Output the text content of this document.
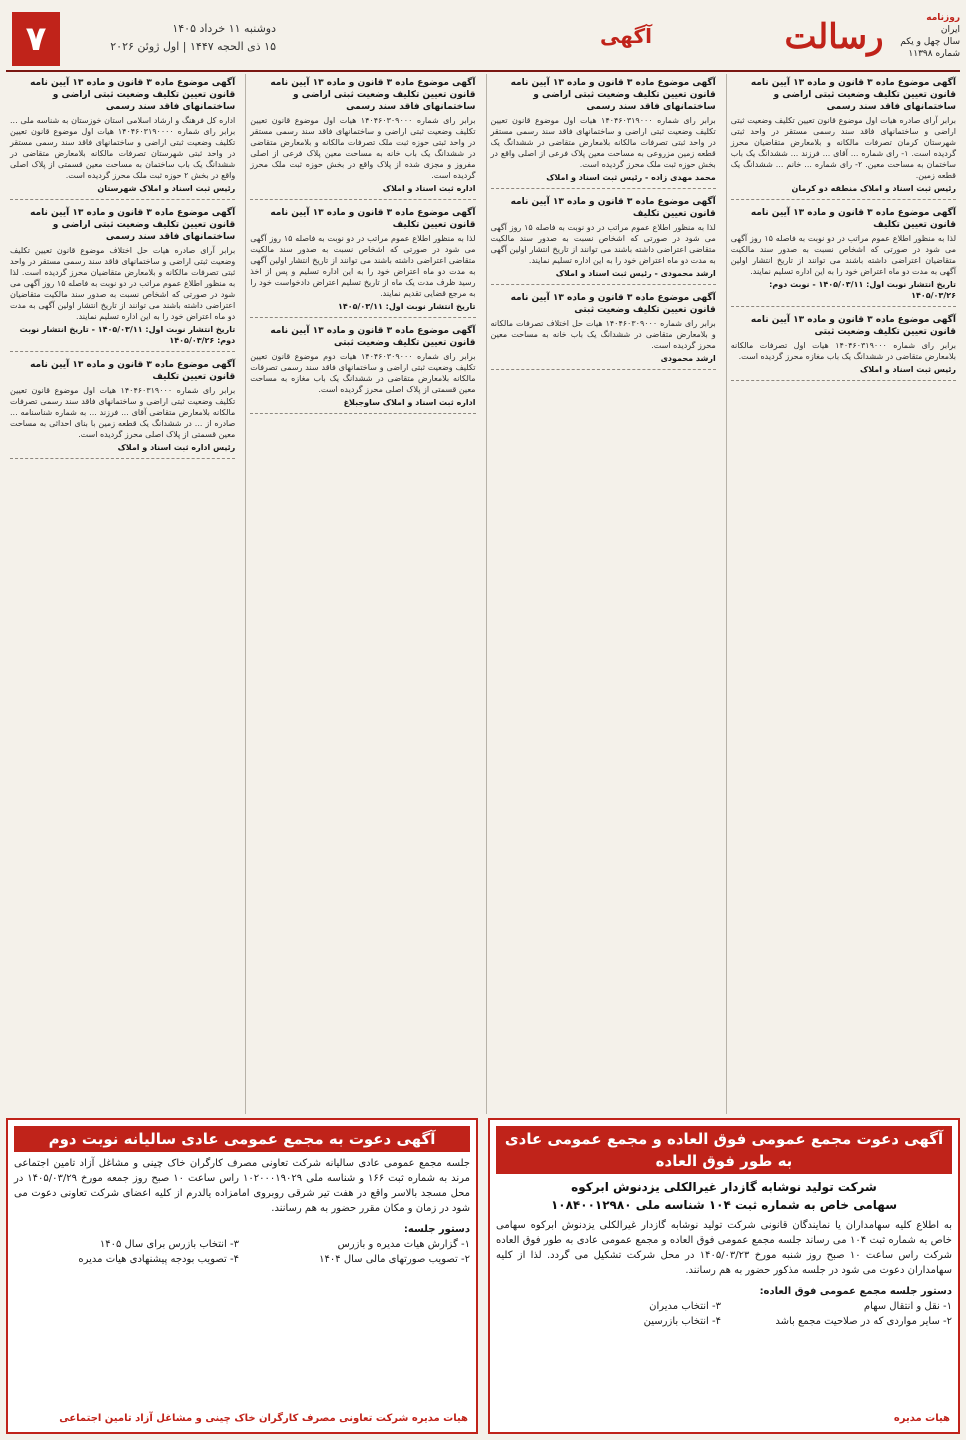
روزنامه
ایران
سال چهل و یکم
شماره ۱۱۳۹۸
رسالت
آگهی
دوشنبه ۱۱ خرداد ۱۴۰۵
۱۵ ذی الحجه ۱۴۴۷ | اول ژوئن ۲۰۲۶
۷
آگهی موضوع ماده ۳ قانون و ماده ۱۳ آیین نامه قانون تعیین تکلیف وضعیت ثبتی اراضی و ساختمانهای فاقد سند رسمی
برابر آرای صادره هیات اول موضوع قانون تعیین تکلیف وضعیت ثبتی اراضی و ساختمانهای فاقد سند رسمی مستقر در واحد ثبتی شهرستان کرمان تصرفات مالکانه و بلامعارض متقاضیان محرز گردیده است. ۱- رای شماره ... آقای ... فرزند ... ششدانگ یک باب ساختمان به مساحت معین. ۲- رای شماره ... خانم ... ششدانگ یک قطعه زمین.
رئیس ثبت اسناد و املاک منطقه دو کرمان
آگهی موضوع ماده ۳ قانون و ماده ۱۳ آیین نامه قانون تعیین تکلیف
لذا به منظور اطلاع عموم مراتب در دو نوبت به فاصله ۱۵ روز آگهی می شود در صورتی که اشخاص نسبت به صدور سند مالکیت متقاضیان اعتراضی داشته باشند می توانند از تاریخ انتشار اولین آگهی به مدت دو ماه اعتراض خود را به این اداره تسلیم نمایند.
تاریخ انتشار نوبت اول: ۱۴۰۵/۰۳/۱۱ - نوبت دوم: ۱۴۰۵/۰۳/۲۶
آگهی موضوع ماده ۳ قانون و ماده ۱۳ آیین نامه قانون تعیین تکلیف وضعیت ثبتی
برابر رای شماره ۱۴۰۴۶۰۳۱۹۰۰۰ هیات اول تصرفات مالکانه بلامعارض متقاضی در ششدانگ یک باب مغازه محرز گردیده است.
رئیس ثبت اسناد و املاک
آگهی موضوع ماده ۳ قانون و ماده ۱۳ آیین نامه قانون تعیین تکلیف وضعیت ثبتی اراضی و ساختمانهای فاقد سند رسمی
برابر رای شماره ۱۴۰۴۶۰۳۱۹۰۰۰ هیات اول موضوع قانون تعیین تکلیف وضعیت ثبتی اراضی و ساختمانهای فاقد سند رسمی مستقر در واحد ثبتی تصرفات مالکانه بلامعارض متقاضی در ششدانگ یک قطعه زمین مزروعی به مساحت معین پلاک فرعی از اصلی واقع در بخش حوزه ثبت ملک محرز گردیده است.
محمد مهدی زاده - رئیس ثبت اسناد و املاک
آگهی موضوع ماده ۳ قانون و ماده ۱۳ آیین نامه قانون تعیین تکلیف
لذا به منظور اطلاع عموم مراتب در دو نوبت به فاصله ۱۵ روز آگهی می شود در صورتی که اشخاص نسبت به صدور سند مالکیت متقاضی اعتراضی داشته باشند می توانند از تاریخ انتشار اولین آگهی به مدت دو ماه اعتراض خود را به این اداره تسلیم نمایند.
ارشد محمودی - رئیس ثبت اسناد و املاک
آگهی موضوع ماده ۳ قانون و ماده ۱۳ آیین نامه قانون تعیین تکلیف وضعیت ثبتی
برابر رای شماره ۱۴۰۴۶۰۳۰۹۰۰۰ هیات حل اختلاف تصرفات مالکانه و بلامعارض متقاضی در ششدانگ یک باب خانه به مساحت معین محرز گردیده است.
ارشد محمودی
آگهی موضوع ماده ۳ قانون و ماده ۱۳ آیین نامه قانون تعیین تکلیف وضعیت ثبتی اراضی و ساختمانهای فاقد سند رسمی
برابر رای شماره ۱۴۰۴۶۰۳۰۹۰۰۰ هیات اول موضوع قانون تعیین تکلیف وضعیت ثبتی اراضی و ساختمانهای فاقد سند رسمی مستقر در واحد ثبتی حوزه ثبت ملک تصرفات مالکانه و بلامعارض متقاضی در ششدانگ یک باب خانه به مساحت معین پلاک فرعی از اصلی مفروز و مجزی شده از پلاک واقع در بخش حوزه ثبت ملک محرز گردیده است.
اداره ثبت اسناد و املاک
آگهی موضوع ماده ۳ قانون و ماده ۱۳ آیین نامه قانون تعیین تکلیف
لذا به منظور اطلاع عموم مراتب در دو نوبت به فاصله ۱۵ روز آگهی می شود در صورتی که اشخاص نسبت به صدور سند مالکیت متقاضی اعتراضی داشته باشند می توانند از تاریخ انتشار اولین آگهی به مدت دو ماه اعتراض خود را به این اداره تسلیم و پس از اخذ رسید ظرف مدت یک ماه از تاریخ تسلیم اعتراض دادخواست خود را به مرجع قضایی تقدیم نمایند.
تاریخ انتشار نوبت اول: ۱۴۰۵/۰۳/۱۱
آگهی موضوع ماده ۳ قانون و ماده ۱۳ آیین نامه قانون تعیین تکلیف وضعیت ثبتی
برابر رای شماره ۱۴۰۴۶۰۳۰۹۰۰۰ هیات دوم موضوع قانون تعیین تکلیف وضعیت ثبتی اراضی و ساختمانهای فاقد سند رسمی تصرفات مالکانه بلامعارض متقاضی در ششدانگ یک باب مغازه به مساحت معین قسمتی از پلاک اصلی محرز گردیده است.
اداره ثبت اسناد و املاک ساوجبلاغ
آگهی موضوع ماده ۳ قانون و ماده ۱۳ آیین نامه قانون تعیین تکلیف وضعیت ثبتی اراضی و ساختمانهای فاقد سند رسمی
اداره کل فرهنگ و ارشاد اسلامی استان خوزستان به شناسه ملی ... برابر رای شماره ۱۴۰۴۶۰۳۱۹۰۰۰۰ هیات اول موضوع قانون تعیین تکلیف وضعیت ثبتی اراضی و ساختمانهای فاقد سند رسمی مستقر در واحد ثبتی شهرستان تصرفات مالکانه بلامعارض متقاضی در ششدانگ یک باب ساختمان به مساحت معین قسمتی از پلاک اصلی واقع در بخش ۲ حوزه ثبت ملک محرز گردیده است.
رئیس ثبت اسناد و املاک شهرستان
آگهی موضوع ماده ۳ قانون و ماده ۱۳ آیین نامه قانون تعیین تکلیف وضعیت ثبتی اراضی و ساختمانهای فاقد سند رسمی
برابر آرای صادره هیات حل اختلاف موضوع قانون تعیین تکلیف وضعیت ثبتی اراضی و ساختمانهای فاقد سند رسمی مستقر در واحد ثبتی تصرفات مالکانه و بلامعارض متقاضیان محرز گردیده است. لذا به منظور اطلاع عموم مراتب در دو نوبت به فاصله ۱۵ روز آگهی می شود در صورتی که اشخاص نسبت به صدور سند مالکیت متقاضیان اعتراضی داشته باشند می توانند از تاریخ انتشار اولین آگهی به مدت دو ماه اعتراض خود را به این اداره تسلیم نمایند.
تاریخ انتشار نوبت اول: ۱۴۰۵/۰۳/۱۱ - تاریخ انتشار نوبت دوم: ۱۴۰۵/۰۳/۲۶
آگهی موضوع ماده ۳ قانون و ماده ۱۳ آیین نامه قانون تعیین تکلیف
برابر رای شماره ۱۴۰۴۶۰۳۱۹۰۰۰ هیات اول موضوع قانون تعیین تکلیف وضعیت ثبتی اراضی و ساختمانهای فاقد سند رسمی تصرفات مالکانه بلامعارض متقاضی آقای ... فرزند ... به شماره شناسنامه ... صادره از ... در ششدانگ یک قطعه زمین با بنای احداثی به مساحت معین قسمتی از پلاک اصلی محرز گردیده است.
رئیس اداره ثبت اسناد و املاک
آگهی دعوت مجمع عمومی فوق العاده و مجمع عمومی عادی به طور فوق العاده
شرکت تولید نوشابه گازدار غیرالکلی یزدنوش ابرکوه
سهامی خاص به شماره ثبت ۱۰۴ شناسه ملی ۱۰۸۴۰۰۱۲۹۸۰
به اطلاع کلیه سهامداران یا نمایندگان قانونی شرکت تولید نوشابه گازدار غیرالکلی یزدنوش ابرکوه سهامی خاص به شماره ثبت ۱۰۴ می رساند جلسه مجمع عمومی فوق العاده و مجمع عمومی عادی به طور فوق العاده شرکت راس ساعت ۱۰ صبح روز شنبه مورخ ۱۴۰۵/۰۳/۲۳ در محل شرکت تشکیل می گردد. لذا از کلیه سهامداران دعوت می شود در جلسه مذکور حضور به هم رسانند.
دستور جلسه مجمع عمومی فوق العاده:
۱- نقل و انتقال سهام
۲- سایر مواردی که در صلاحیت مجمع باشد

۳- انتخاب مدیران
۴- انتخاب بازرسین
هیات مدیره
آگهی دعوت به مجمع عمومی عادی سالیانه نوبت دوم
جلسه مجمع عمومی عادی سالیانه شرکت تعاونی مصرف کارگران خاک چینی و مشاغل آزاد تامین اجتماعی مرند به شماره ثبت ۱۶۶ و شناسه ملی ۱۰۲۰۰۰۱۹۰۲۹ راس ساعت ۱۰ صبح روز جمعه مورخ ۱۴۰۵/۰۳/۲۹ در محل مسجد بالاسر واقع در هفت تیر شرقی روبروی امامزاده یالدرم از کلیه اعضای شرکت تعاونی دعوت می شود در زمان و مکان مقرر حضور به هم رسانند.
دستور جلسه:
۱- گزارش هیات مدیره و بازرس
۲- تصویب صورتهای مالی سال ۱۴۰۴

۳- انتخاب بازرس برای سال ۱۴۰۵
۴- تصویب بودجه پیشنهادی هیات مدیره
هیات مدیره شرکت تعاونی مصرف کارگران خاک چینی و مشاغل آزاد تامین اجتماعی
